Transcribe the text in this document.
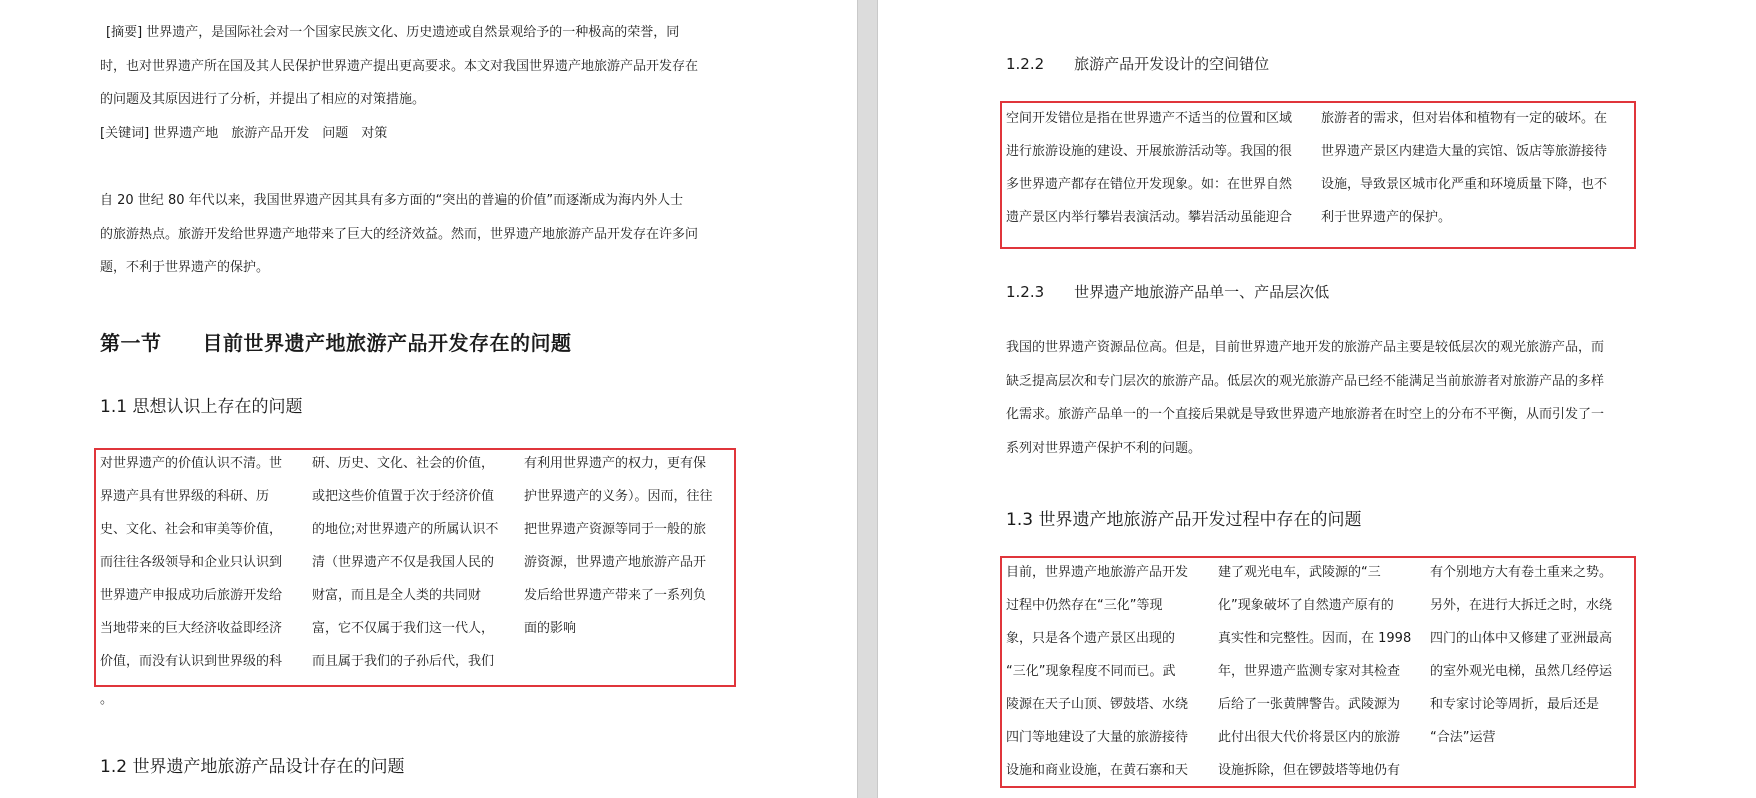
[摘要] 世界遗产，是国际社会对一个国家民族文化、历史遗迹或自然景观给予的一种极高的荣誉，同
时，也对世界遗产所在国及其人民保护世界遗产提出更高要求。本文对我国世界遗产地旅游产品开发存在
的问题及其原因进行了分析，并提出了相应的对策措施。
[关键词] 世界遗产地　旅游产品开发　问题　对策
自 20 世纪 80 年代以来，我国世界遗产因其具有多方面的“突出的普遍的价值”而逐渐成为海内外人士
的旅游热点。旅游开发给世界遗产地带来了巨大的经济效益。然而，世界遗产地旅游产品开发存在许多问
题，不利于世界遗产的保护。
第一节　　目前世界遗产地旅游产品开发存在的问题
1.1 思想认识上存在的问题
对世界遗产的价值认识不清。世
界遗产具有世界级的科研、历
史、文化、社会和审美等价值，
而往往各级领导和企业只认识到
世界遗产申报成功后旅游开发给
当地带来的巨大经济收益即经济
价值，而没有认识到世界级的科
研、历史、文化、社会的价值，
或把这些价值置于次于经济价值
的地位;对世界遗产的所属认识不
清（世界遗产不仅是我国人民的
财富，而且是全人类的共同财
富，它不仅属于我们这一代人，
而且属于我们的子孙后代，我们
有利用世界遗产的权力，更有保
护世界遗产的义务）。因而，往往
把世界遗产资源等同于一般的旅
游资源，世界遗产地旅游产品开
发后给世界遗产带来了一系列负
面的影响
。
1.2 世界遗产地旅游产品设计存在的问题
1.2.2　　旅游产品开发设计的空间错位
空间开发错位是指在世界遗产不适当的位置和区域
进行旅游设施的建设、开展旅游活动等。我国的很
多世界遗产都存在错位开发现象。如：在世界自然
遗产景区内举行攀岩表演活动。攀岩活动虽能迎合
旅游者的需求，但对岩体和植物有一定的破坏。在
世界遗产景区内建造大量的宾馆、饭店等旅游接待
设施，导致景区城市化严重和环境质量下降，也不
利于世界遗产的保护。
1.2.3　　世界遗产地旅游产品单一、产品层次低
我国的世界遗产资源品位高。但是，目前世界遗产地开发的旅游产品主要是较低层次的观光旅游产品，而
缺乏提高层次和专门层次的旅游产品。低层次的观光旅游产品已经不能满足当前旅游者对旅游产品的多样
化需求。旅游产品单一的一个直接后果就是导致世界遗产地旅游者在时空上的分布不平衡，从而引发了一
系列对世界遗产保护不利的问题。
1.3 世界遗产地旅游产品开发过程中存在的问题
目前，世界遗产地旅游产品开发
过程中仍然存在“三化”等现
象，只是各个遗产景区出现的
“三化”现象程度不同而已。武
陵源在天子山顶、锣鼓塔、水绕
四门等地建设了大量的旅游接待
设施和商业设施，在黄石寨和天
建了观光电车，武陵源的“三
化”现象破坏了自然遗产原有的
真实性和完整性。因而，在 1998
年，世界遗产监测专家对其检查
后给了一张黄牌警告。武陵源为
此付出很大代价将景区内的旅游
设施拆除，但在锣鼓塔等地仍有
有个别地方大有卷土重来之势。
另外，在进行大拆迁之时，水绕
四门的山体中又修建了亚洲最高
的室外观光电梯，虽然几经停运
和专家讨论等周折，最后还是
“合法”运营
